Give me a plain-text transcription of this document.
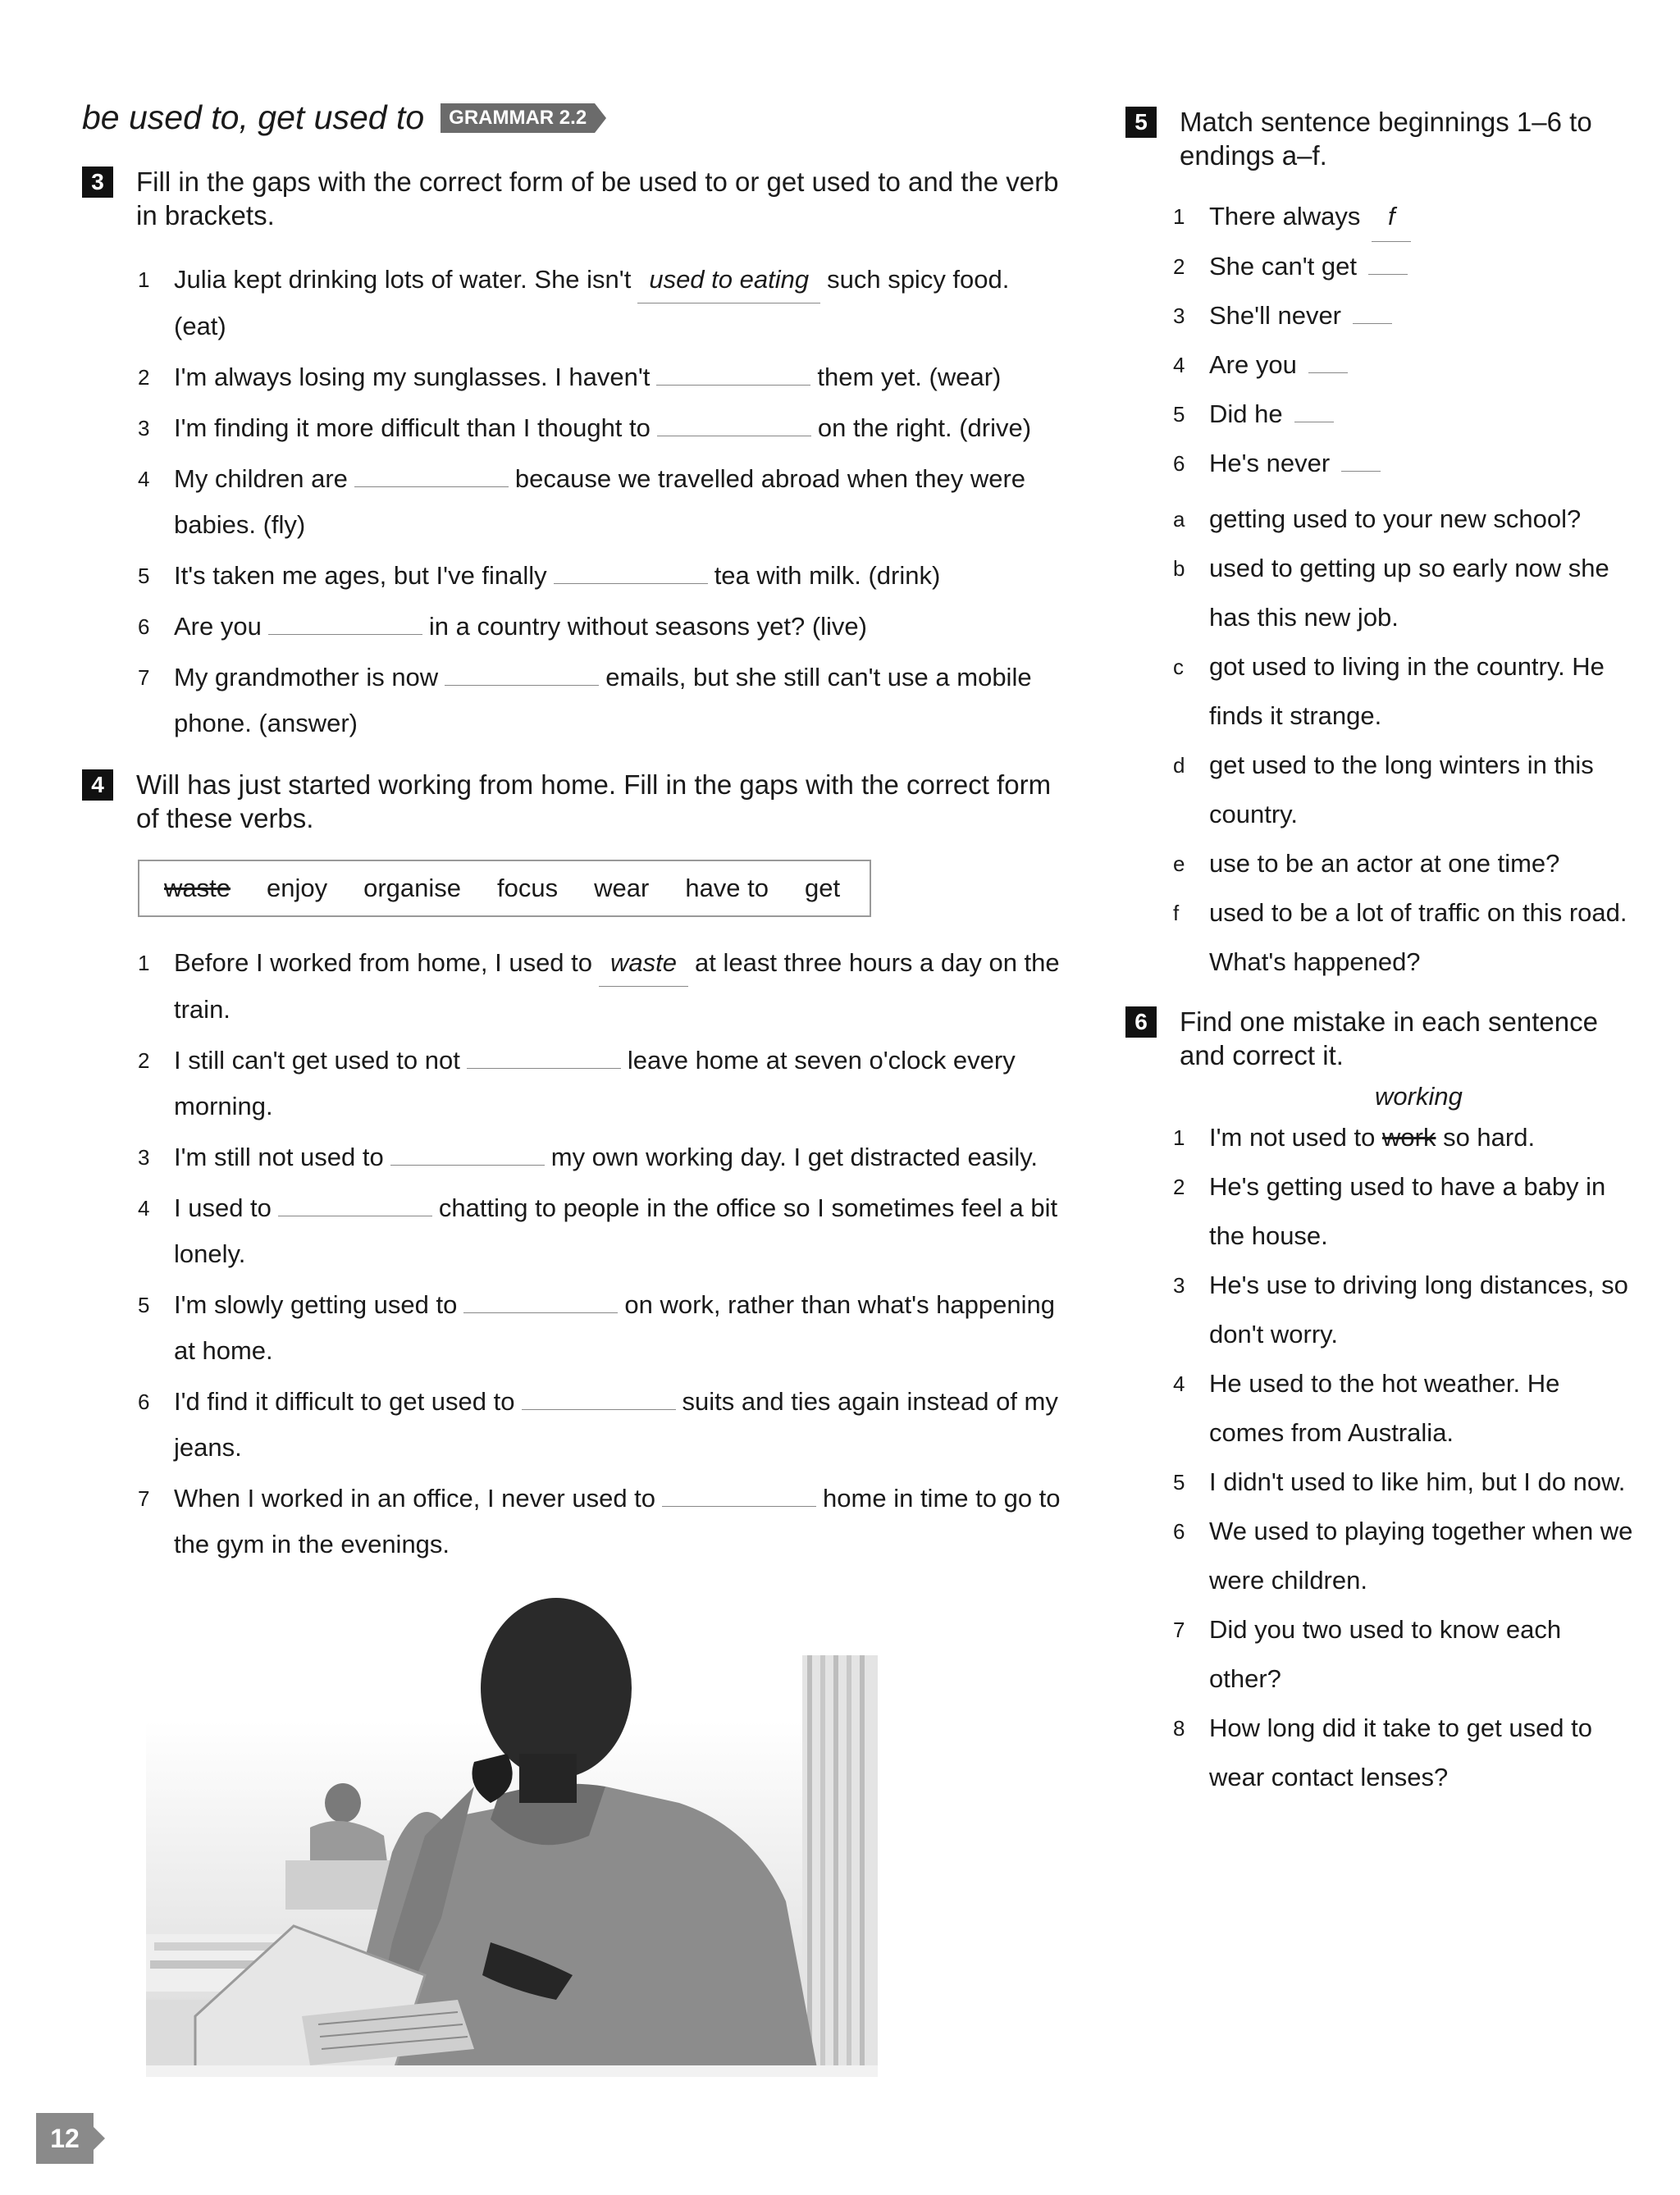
be used to, get used to	GRAMMAR 2.2
3	Fill in the gaps with the correct form of be used to or get used to and the verb in brackets.
1 Julia kept drinking lots of water. She isn't used to eating such spicy food. (eat)
2 I'm always losing my sunglasses. I haven't	them yet. (wear)
3 I'm finding it more difficult than I thought to	on the right. (drive)
4 My children are	because we travelled abroad when they were babies. (fly)
5 It's taken me ages, but I've finally	tea with milk. (drink)
6 Are you	in a country without seasons yet? (live)
7 My grandmother is now	emails, but she still can't use a mobile phone. (answer)
4	Will has just started working from home. Fill in the gaps with the correct form of these verbs.
waste enjoy organise focus wear have to get
1 Before I worked from home, I used to waste at least three hours a day on the train.
2 I still can't get used to not	leave home at seven o'clock every morning.
3 I'm still not used to	my own working day. I get distracted easily.
4 I used to	chatting to people in the office so I sometimes feel a bit lonely.
5 I'm slowly getting used to	on work, rather than what's happening at home.
6 I'd find it difficult to get used to	suits and ties again instead of my jeans.
7 When I worked in an office, I never used to	home in time to go to the gym in the evenings.
12
5	Match sentence beginnings 1–6 to endings a–f.
1 There always f
2 She can't get
3 She'll never
4 Are you
5 Did he
6 He's never
a getting used to your new school?
b used to getting up so early now she has this new job.
c got used to living in the country. He finds it strange.
d get used to the long winters in this country.
e use to be an actor at one time?
f used to be a lot of traffic on this road. What's happened?
6	Find one mistake in each sentence and correct it.
working
1 I'm not used to work so hard.
2 He's getting used to have a baby in the house.
3 He's use to driving long distances, so don't worry.
4 He used to the hot weather. He comes from Australia.
5 I didn't used to like him, but I do now.
6 We used to playing together when we were children.
7 Did you two used to know each other?
8 How long did it take to get used to wear contact lenses?
